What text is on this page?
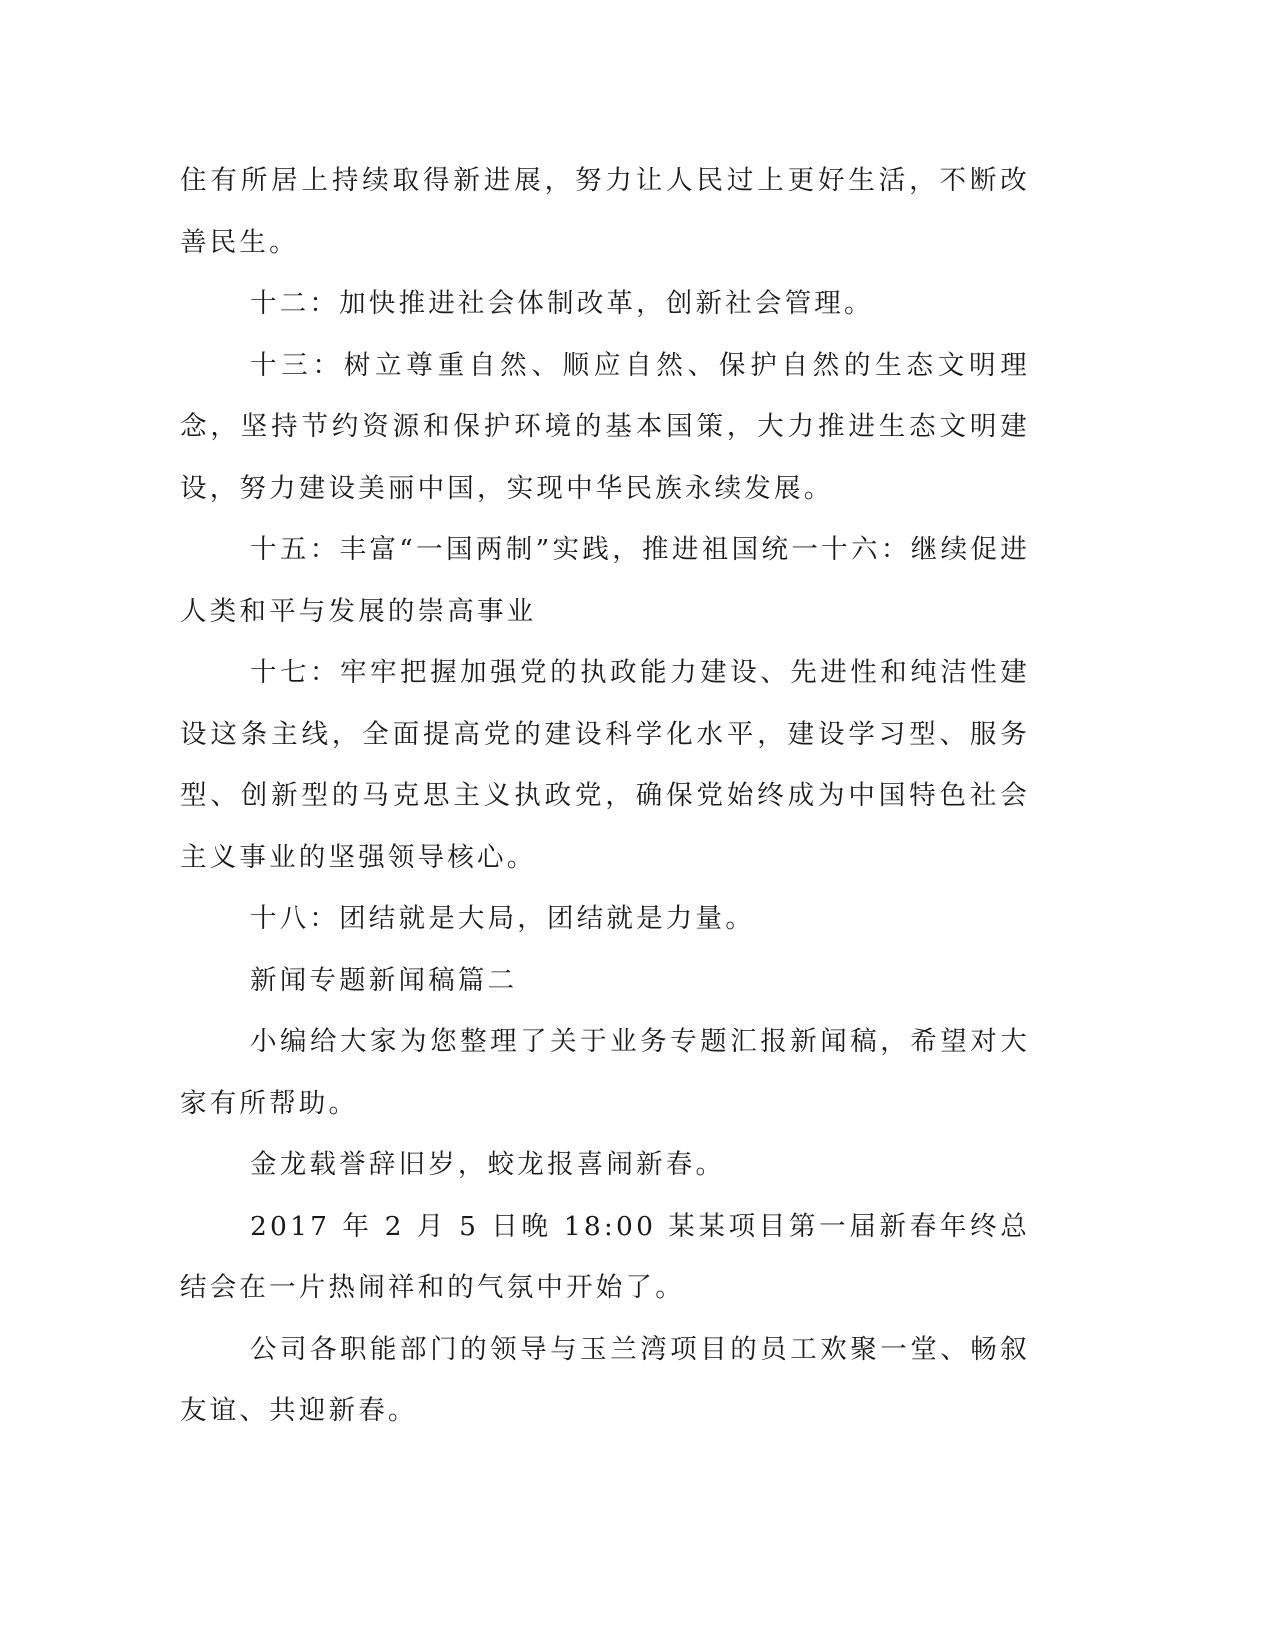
住有所居上持续取得新进展，努力让人民过上更好生活，不断改善民生。

十二：加快推进社会体制改革，创新社会管理。

十三：树立尊重自然、顺应自然、保护自然的生态文明理念，坚持节约资源和保护环境的基本国策，大力推进生态文明建设，努力建设美丽中国，实现中华民族永续发展。

十五：丰富“一国两制”实践，推进祖国统一十六：继续促进人类和平与发展的崇高事业

十七：牢牢把握加强党的执政能力建设、先进性和纯洁性建设这条主线，全面提高党的建设科学化水平，建设学习型、服务型、创新型的马克思主义执政党，确保党始终成为中国特色社会主义事业的坚强领导核心。

十八：团结就是大局，团结就是力量。

新闻专题新闻稿篇二

小编给大家为您整理了关于业务专题汇报新闻稿，希望对大家有所帮助。

金龙载誉辞旧岁，蛟龙报喜闹新春。

2017 年 2 月 5 日晚 18:00 某某项目第一届新春年终总结会在一片热闹祥和的气氛中开始了。

公司各职能部门的领导与玉兰湾项目的员工欢聚一堂、畅叙友谊、共迎新春。
